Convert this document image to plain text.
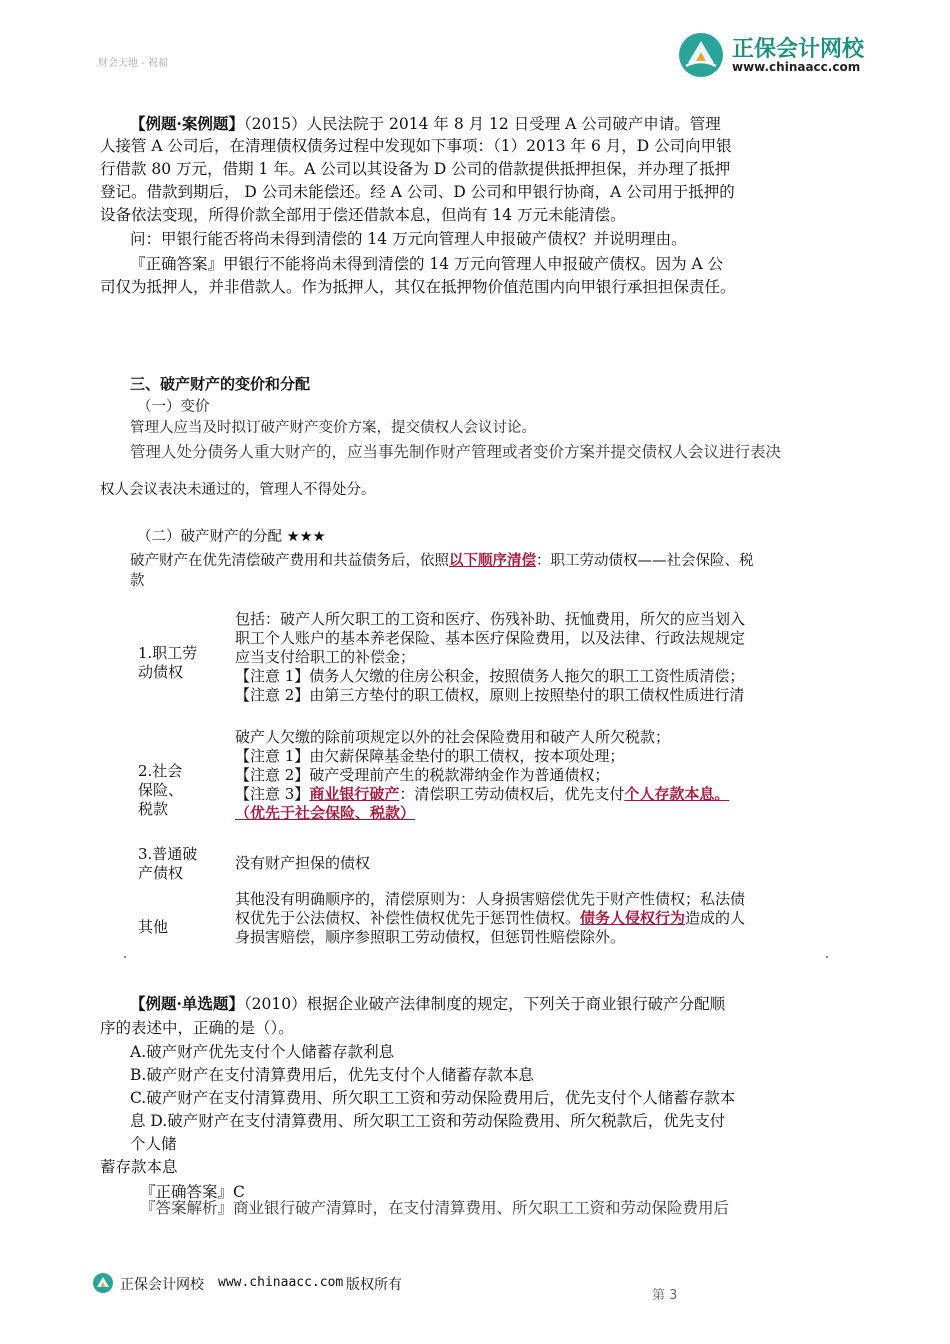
财会天地 - 祝福
正保会计网校
www.chinaacc.com
【例题·案例题】（2015）人民法院于 2014 年 8 月 12 日受理 A 公司破产申请。管理
人接管 A 公司后，在清理债权债务过程中发现如下事项：（1）2013 年 6 月，D 公司向甲银
行借款 80 万元，借期 1 年。A 公司以其设备为 D 公司的借款提供抵押担保，并办理了抵押
登记。借款到期后， D 公司未能偿还。经 A 公司、D 公司和甲银行协商，A 公司用于抵押的
设备依法变现，所得价款全部用于偿还借款本息，但尚有 14 万元未能清偿。
问：甲银行能否将尚未得到清偿的 14 万元向管理人申报破产债权？并说明理由。
『正确答案』甲银行不能将尚未得到清偿的 14 万元向管理人申报破产债权。因为 A 公
司仅为抵押人，并非借款人。作为抵押人，其仅在抵押物价值范围内向甲银行承担担保责任。
三、破产财产的变价和分配
（一）变价
管理人应当及时拟订破产财产变价方案，提交债权人会议讨论。
管理人处分债务人重大财产的，应当事先制作财产管理或者变价方案并提交债权人会议进行表决
权人会议表决未通过的，管理人不得处分。
（二）破产财产的分配 ★★★
破产财产在优先清偿破产费用和共益债务后，依照以下顺序清偿：职工劳动债权——社会保险、税
款
1.职工劳
动债权
包括：破产人所欠职工的工资和医疗、伤残补助、抚恤费用，所欠的应当划入
职工个人账户的基本养老保险、基本医疗保险费用，以及法律、行政法规规定
应当支付给职工的补偿金；
【注意 1】债务人欠缴的住房公积金，按照债务人拖欠的职工工资性质清偿；
【注意 2】由第三方垫付的职工债权，原则上按照垫付的职工债权性质进行清
2.社会
保险、
税款
破产人欠缴的除前项规定以外的社会保险费用和破产人所欠税款；
【注意 1】由欠薪保障基金垫付的职工债权，按本项处理；
【注意 2】破产受理前产生的税款滞纳金作为普通债权；
【注意 3】商业银行破产：清偿职工劳动债权后，优先支付个人存款本息。
（优先于社会保险、税款）
3.普通破
产债权
没有财产担保的债权
其他
其他没有明确顺序的，清偿原则为：人身损害赔偿优先于财产性债权；私法债
权优先于公法债权、补偿性债权优先于惩罚性债权。债务人侵权行为造成的人
身损害赔偿，顺序参照职工劳动债权，但惩罚性赔偿除外。
【例题·单选题】（2010）根据企业破产法律制度的规定，下列关于商业银行破产分配顺
序的表述中，正确的是（）。
A.破产财产优先支付个人储蓄存款利息
B.破产财产在支付清算费用后，优先支付个人储蓄存款本息
C.破产财产在支付清算费用、所欠职工工资和劳动保险费用后，优先支付个人储蓄存款本
息 D.破产财产在支付清算费用、所欠职工工资和劳动保险费用、所欠税款后，优先支付
个人储
蓄存款本息
『正确答案』C
『答案解析』商业银行破产清算时，在支付清算费用、所欠职工工资和劳动保险费用后
正保会计网校 www.chinaacc.com 版权所有
第 3
